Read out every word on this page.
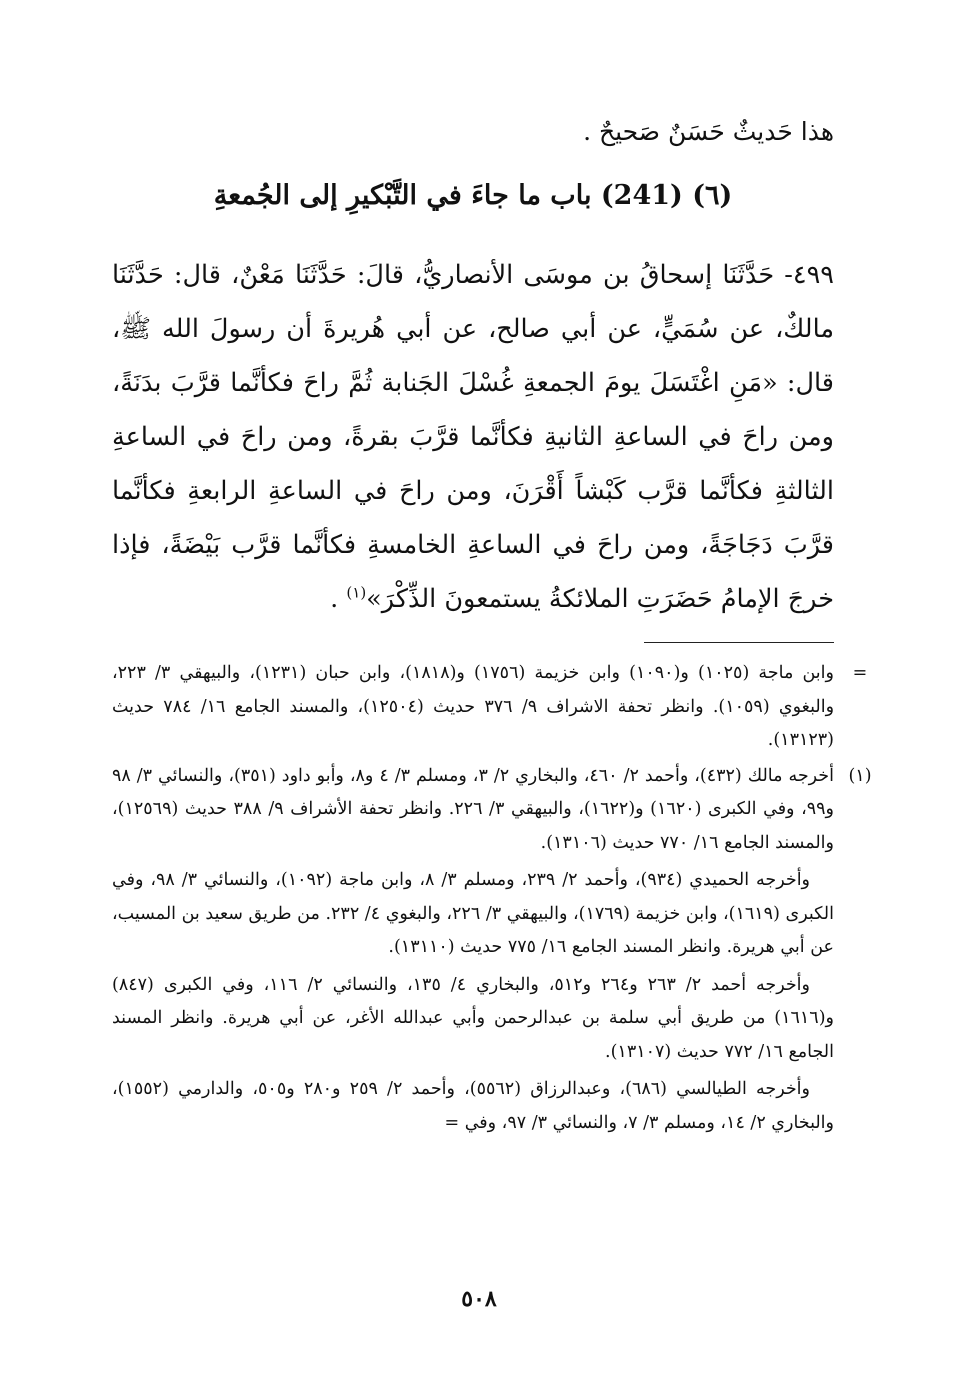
هذا حَديثٌ حَسَنٌ صَحيحٌ .

(٦) (241) باب ما جاءَ في التَّبْكيرِ إلى الجُمعةِ

٤٩٩- حَدَّثَنَا إسحاقُ بن موسَى الأنصاريُّ، قالَ: حَدَّثَنَا مَعْنٌ، قال: حَدَّثَنَا مالكٌ، عن سُمَيٍّ، عن أبي صالح، عن أبي هُريرةَ أن رسولَ الله ﷺ، قال: «مَنِ اغْتَسَلَ يومَ الجمعةِ غُسْلَ الجَنابة ثُمَّ راحَ فكأنَّما قرَّبَ بدَنَةً، ومن راحَ في الساعةِ الثانيةِ فكأنَّما قرَّبَ بقرةً، ومن راحَ في الساعةِ الثالثةِ فكأنَّما قرَّب كَبْشاً أَقْرَنَ، ومن راحَ في الساعةِ الرابعةِ فكأنَّما قرَّبَ دَجَاجَةً، ومن راحَ في الساعةِ الخامسةِ فكأنَّما قرَّب بَيْضَةً، فإذا خرجَ الإمامُ حَضَرَتِ الملائكةُ يستمعونَ الذِّكْرَ»$^{(١)}$ .

=

وابن ماجة (١٠٢٥) و(١٠٩٠) وابن خزيمة (١٧٥٦) و(١٨١٨)، وابن حبان (١٢٣١)، والبيهقي ٣/ ٢٢٣، والبغوي (١٠٥٩). وانظر تحفة الاشراف ٩/ ٣٧٦ حديث (١٢٥٠٤)، والمسند الجامع ١٦/ ٧٨٤ حديث (١٣١٢٣).

(١)

أخرجه مالك (٤٣٢)، وأحمد ٢/ ٤٦٠، والبخاري ٢/ ٣، ومسلم ٣/ ٤ و٨، وأبو داود (٣٥١)، والنسائي ٣/ ٩٨ و٩٩، وفي الكبرى (١٦٢٠) و(١٦٢٢)، والبيهقي ٣/ ٢٢٦. وانظر تحفة الأشراف ٩/ ٣٨٨ حديث (١٢٥٦٩)، والمسند الجامع ١٦/ ٧٧٠ حديث (١٣١٠٦).

وأخرجه الحميدي (٩٣٤)، وأحمد ٢/ ٢٣٩، ومسلم ٣/ ٨، وابن ماجة (١٠٩٢)، والنسائي ٣/ ٩٨، وفي الكبرى (١٦١٩)، وابن خزيمة (١٧٦٩)، والبيهقي ٣/ ٢٢٦، والبغوي ٤/ ٢٣٢. من طريق سعيد بن المسيب، عن أبي هريرة. وانظر المسند الجامع ١٦/ ٧٧٥ حديث (١٣١١٠).

وأخرجه أحمد ٢/ ٢٦٣ و٢٦٤ و٥١٢، والبخاري ٤/ ١٣٥، والنسائي ٢/ ١١٦، وفي الكبرى (٨٤٧) و(١٦١٦) من طريق أبي سلمة بن عبدالرحمن وأبي عبدالله الأغر، عن أبي هريرة. وانظر المسند الجامع ١٦/ ٧٧٢ حديث (١٣١٠٧).

وأخرجه الطيالسي (٦٨٦)، وعبدالرزاق (٥٥٦٢)، وأحمد ٢/ ٢٥٩ و٢٨٠ و٥٠٥، والدارمي (١٥٥٢)، والبخاري ٢/ ١٤، ومسلم ٣/ ٧، والنسائي ٣/ ٩٧، وفي =

٥٠٨
